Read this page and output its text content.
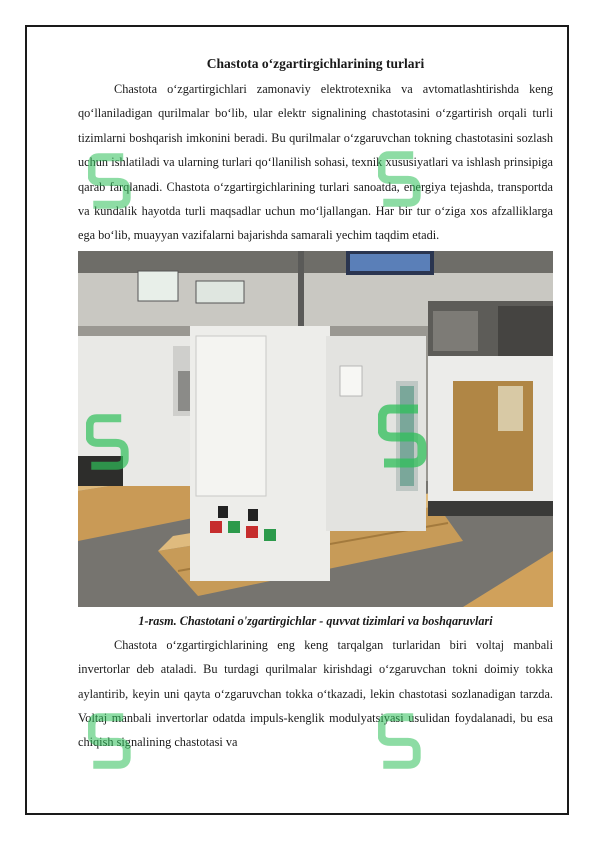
Chastota o‘zgartirgichlarining turlari

Chastota o‘zgartirgichlari zamonaviy elektrotexnika va avtomatlashtirishda keng qo‘llaniladigan qurilmalar bo‘lib, ular elektr signalining chastotasini o‘zgartirish orqali turli tizimlarni boshqarish imkonini beradi. Bu qurilmalar o‘zgaruvchan tokning chastotasini sozlash uchun ishlatiladi va ularning turlari qo‘llanilish sohasi, texnik xususiyatlari va ishlash prinsipiga qarab farqlanadi. Chastota o‘zgartirgichlarining turlari sanoatda, energiya tejashda, transportda va kundalik hayotda turli maqsadlar uchun mo‘ljallangan. Har bir tur o‘ziga xos afzalliklarga ega bo‘lib, muayyan vazifalarni bajarishda samarali yechim taqdim etadi.

1-rasm. Chastotani o'zgartirgichlar - quvvat tizimlari va boshqaruvlari

Chastota o‘zgartirgichlarining eng keng tarqalgan turlaridan biri voltaj manbali invertorlar deb ataladi. Bu turdagi qurilmalar kirishdagi o‘zgaruvchan tokni doimiy tokka aylantirib, keyin uni qayta o‘zgaruvchan tokka o‘tkazadi, lekin chastotasi sozlanadigan tarzda. Voltaj manbali invertorlar odatda impuls-kenglik modulyatsiyasi usulidan foydalanadi, bu esa chiqish signalining chastotasi va
